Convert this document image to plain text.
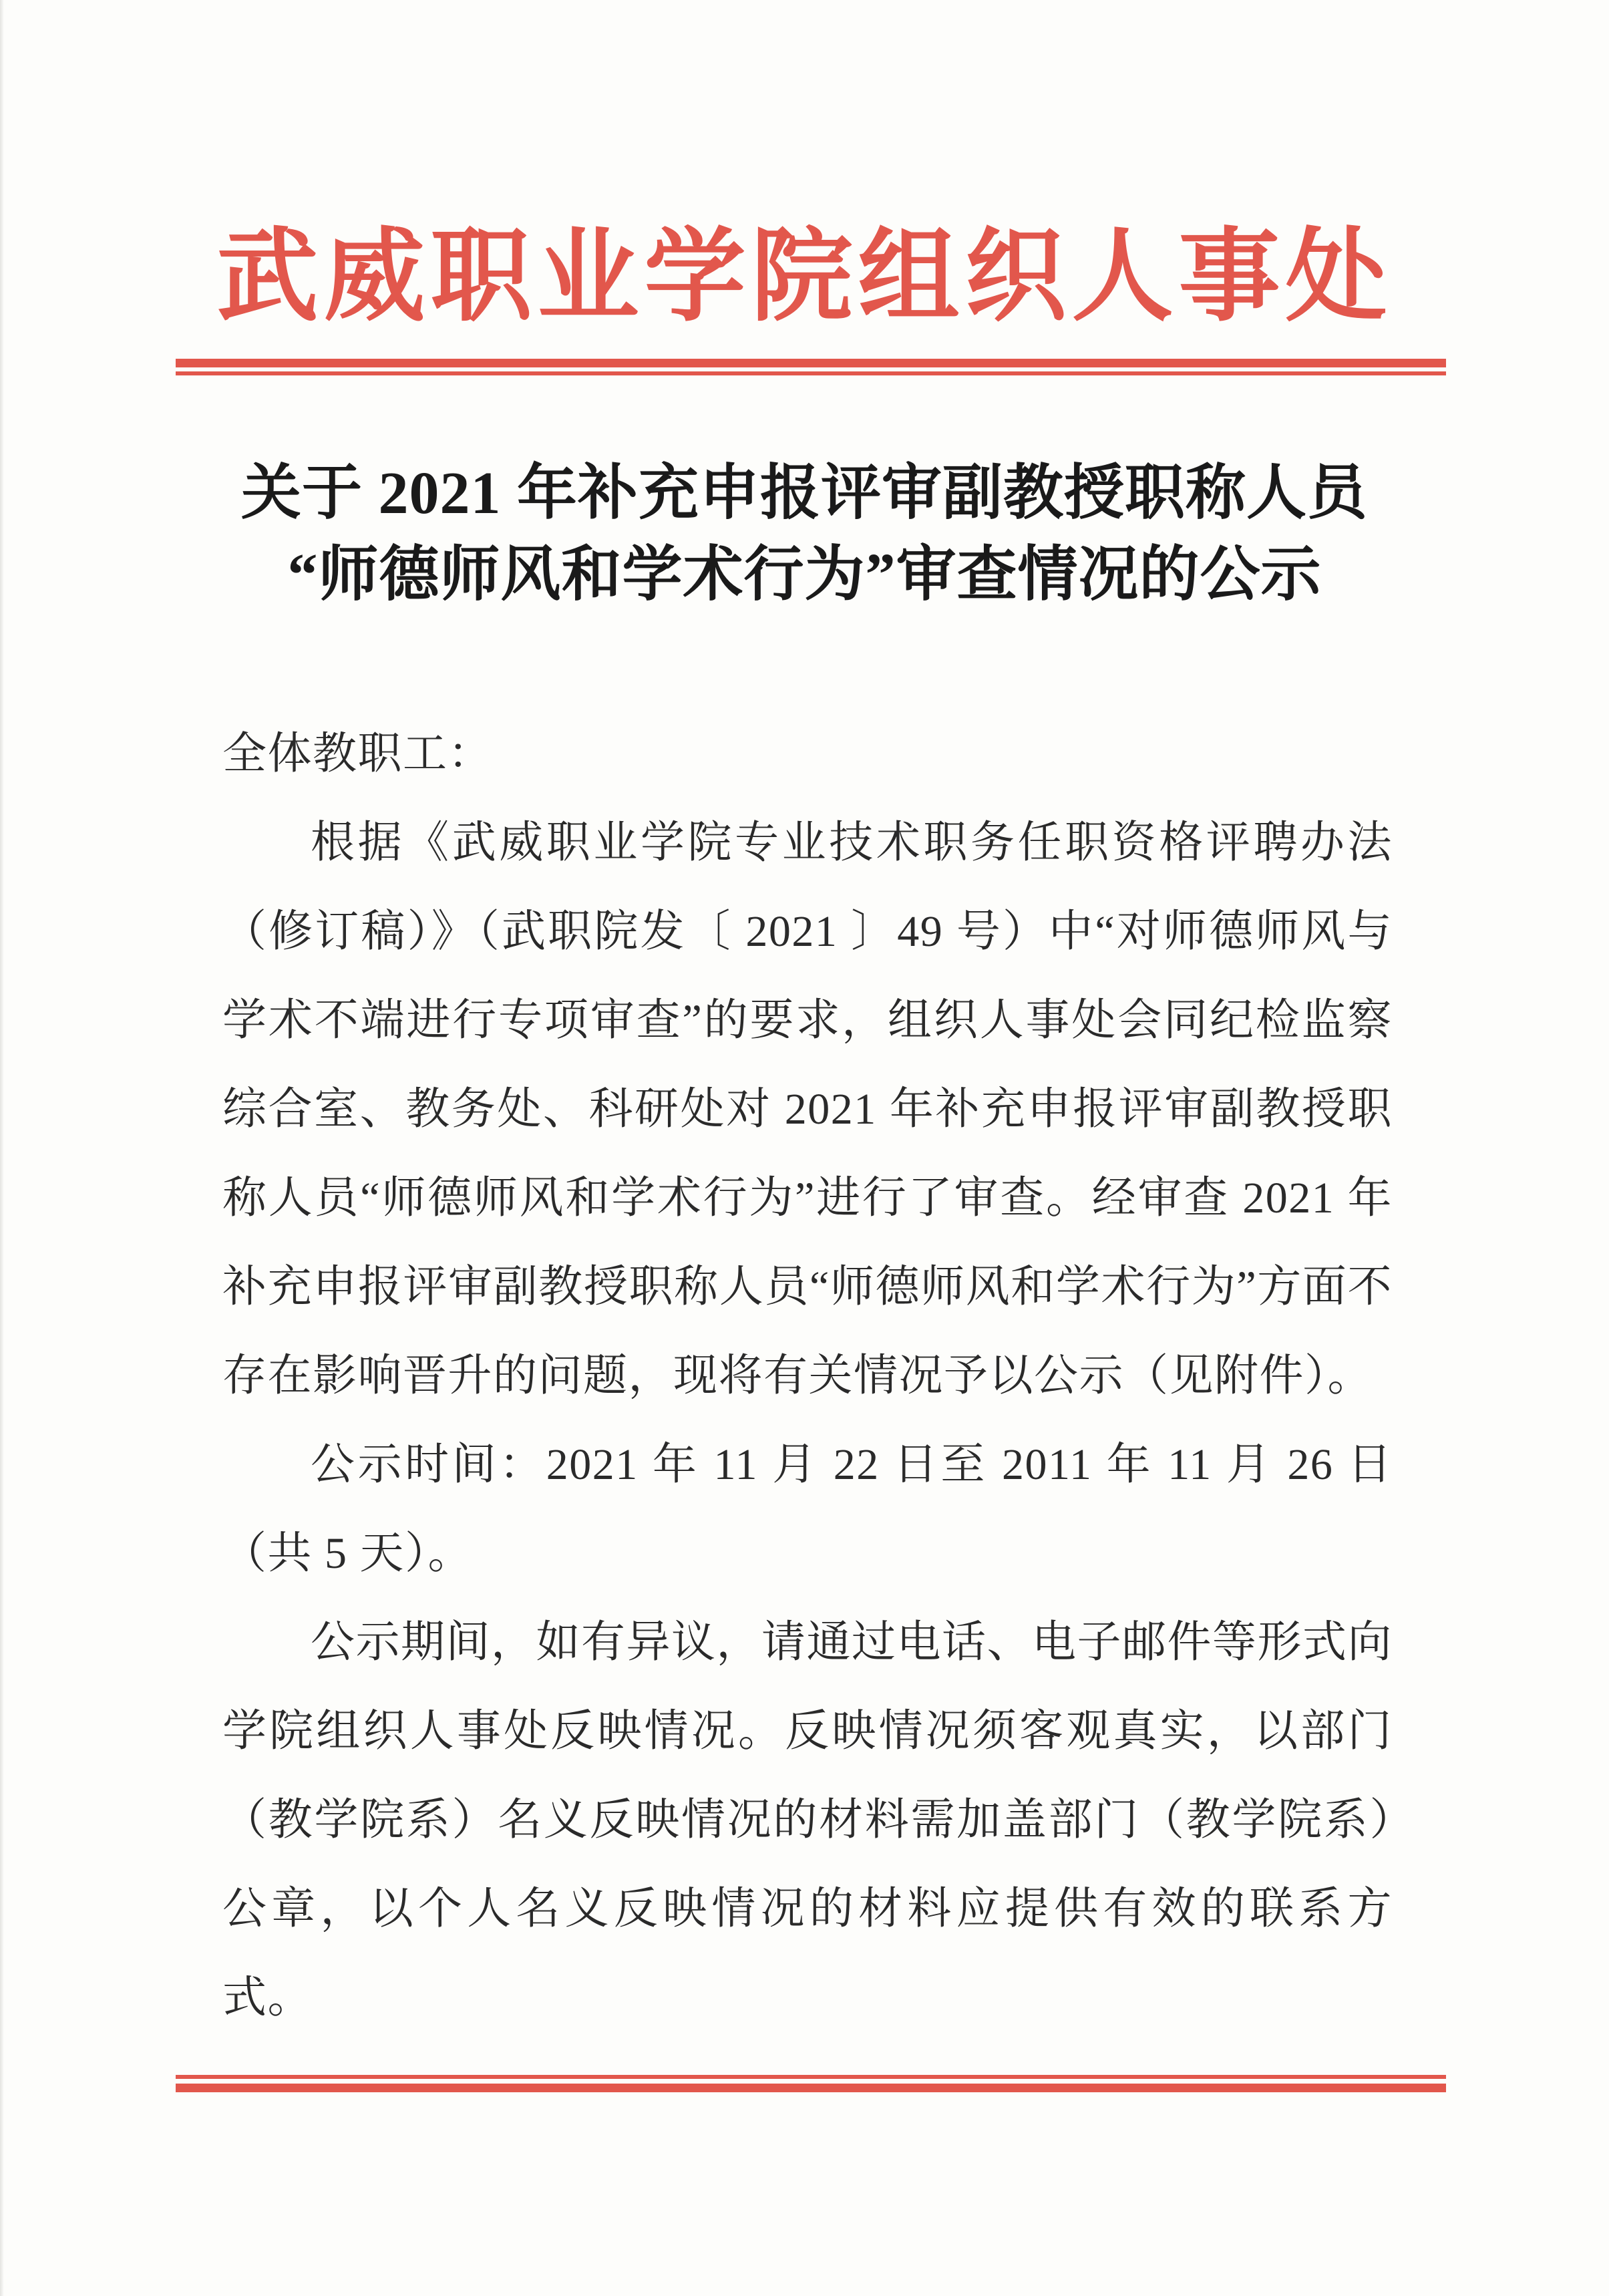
武威职业学院组织人事处
关于 2021 年补充申报评审副教授职称人员
“师德师风和学术行为”审查情况的公示
全体教职工：

根据《武威职业学院专业技术职务任职资格评聘办法（修订稿）》（武职院发〔 2021 〕49 号）中“对师德师风与学术不端进行专项审查”的要求，组织人事处会同纪检监察综合室、教务处、科研处对 2021 年补充申报评审副教授职称人员“师德师风和学术行为”进行了审查。经审查 2021 年补充申报评审副教授职称人员“师德师风和学术行为”方面不存在影响晋升的问题，现将有关情况予以公示（见附件）。

公示时间：2021 年 11 月 22 日至 2011 年 11 月 26 日（共 5 天）。

公示期间，如有异议，请通过电话、电子邮件等形式向学院组织人事处反映情况。反映情况须客观真实，以部门（教学院系）名义反映情况的材料需加盖部门（教学院系）公章，以个人名义反映情况的材料应提供有效的联系方式。
